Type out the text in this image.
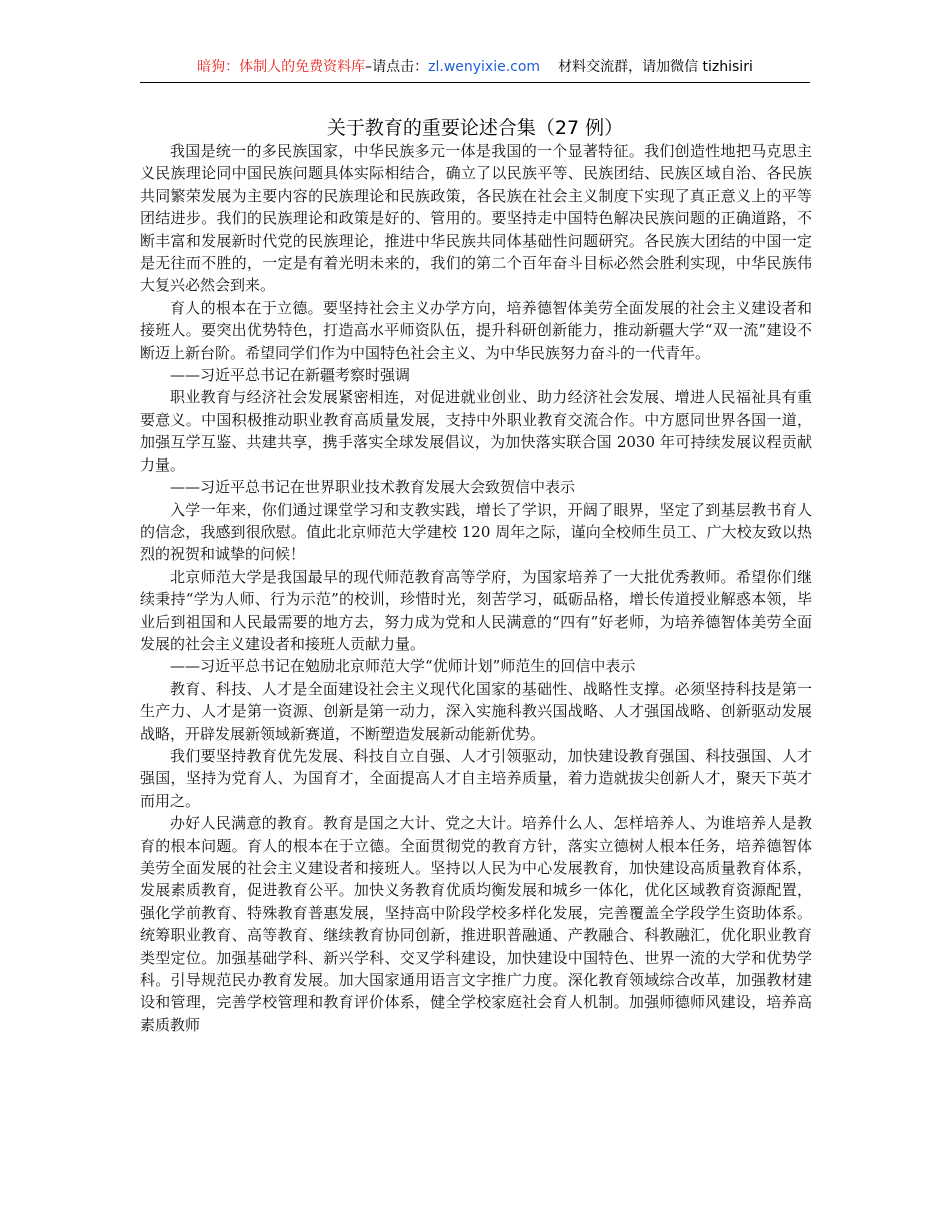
暗狗：体制人的免费资料库–请点击：zl.wenyixie.com 材料交流群，请加微信 tizhisiri
关于教育的重要论述合集（27 例）

我国是统一的多民族国家，中华民族多元一体是我国的一个显著特征。我们创造性地把马克思主义民族理论同中国民族问题具体实际相结合，确立了以民族平等、民族团结、民族区域自治、各民族共同繁荣发展为主要内容的民族理论和民族政策，各民族在社会主义制度下实现了真正意义上的平等团结进步。我们的民族理论和政策是好的、管用的。要坚持走中国特色解决民族问题的正确道路，不断丰富和发展新时代党的民族理论，推进中华民族共同体基础性问题研究。各民族大团结的中国一定是无往而不胜的，一定是有着光明未来的，我们的第二个百年奋斗目标必然会胜利实现，中华民族伟大复兴必然会到来。

育人的根本在于立德。要坚持社会主义办学方向，培养德智体美劳全面发展的社会主义建设者和接班人。要突出优势特色，打造高水平师资队伍，提升科研创新能力，推动新疆大学“双一流”建设不断迈上新台阶。希望同学们作为中国特色社会主义、为中华民族努力奋斗的一代青年。

——习近平总书记在新疆考察时强调

职业教育与经济社会发展紧密相连，对促进就业创业、助力经济社会发展、增进人民福祉具有重要意义。中国积极推动职业教育高质量发展，支持中外职业教育交流合作。中方愿同世界各国一道，加强互学互鉴、共建共享，携手落实全球发展倡议，为加快落实联合国 2030 年可持续发展议程贡献力量。

——习近平总书记在世界职业技术教育发展大会致贺信中表示

入学一年来，你们通过课堂学习和支教实践，增长了学识，开阔了眼界，坚定了到基层教书育人的信念，我感到很欣慰。值此北京师范大学建校 120 周年之际，谨向全校师生员工、广大校友致以热烈的祝贺和诚挚的问候！

北京师范大学是我国最早的现代师范教育高等学府，为国家培养了一大批优秀教师。希望你们继续秉持“学为人师、行为示范”的校训，珍惜时光，刻苦学习，砥砺品格，增长传道授业解惑本领，毕业后到祖国和人民最需要的地方去，努力成为党和人民满意的“四有”好老师，为培养德智体美劳全面发展的社会主义建设者和接班人贡献力量。

——习近平总书记在勉励北京师范大学“优师计划”师范生的回信中表示

教育、科技、人才是全面建设社会主义现代化国家的基础性、战略性支撑。必须坚持科技是第一生产力、人才是第一资源、创新是第一动力，深入实施科教兴国战略、人才强国战略、创新驱动发展战略，开辟发展新领域新赛道，不断塑造发展新动能新优势。

我们要坚持教育优先发展、科技自立自强、人才引领驱动，加快建设教育强国、科技强国、人才强国，坚持为党育人、为国育才，全面提高人才自主培养质量，着力造就拔尖创新人才，聚天下英才而用之。

办好人民满意的教育。教育是国之大计、党之大计。培养什么人、怎样培养人、为谁培养人是教育的根本问题。育人的根本在于立德。全面贯彻党的教育方针，落实立德树人根本任务，培养德智体美劳全面发展的社会主义建设者和接班人。坚持以人民为中心发展教育，加快建设高质量教育体系，发展素质教育，促进教育公平。加快义务教育优质均衡发展和城乡一体化，优化区域教育资源配置，强化学前教育、特殊教育普惠发展，坚持高中阶段学校多样化发展，完善覆盖全学段学生资助体系。统筹职业教育、高等教育、继续教育协同创新，推进职普融通、产教融合、科教融汇，优化职业教育类型定位。加强基础学科、新兴学科、交叉学科建设，加快建设中国特色、世界一流的大学和优势学科。引导规范民办教育发展。加大国家通用语言文字推广力度。深化教育领域综合改革，加强教材建设和管理，完善学校管理和教育评价体系，健全学校家庭社会育人机制。加强师德师风建设，培养高素质教师
